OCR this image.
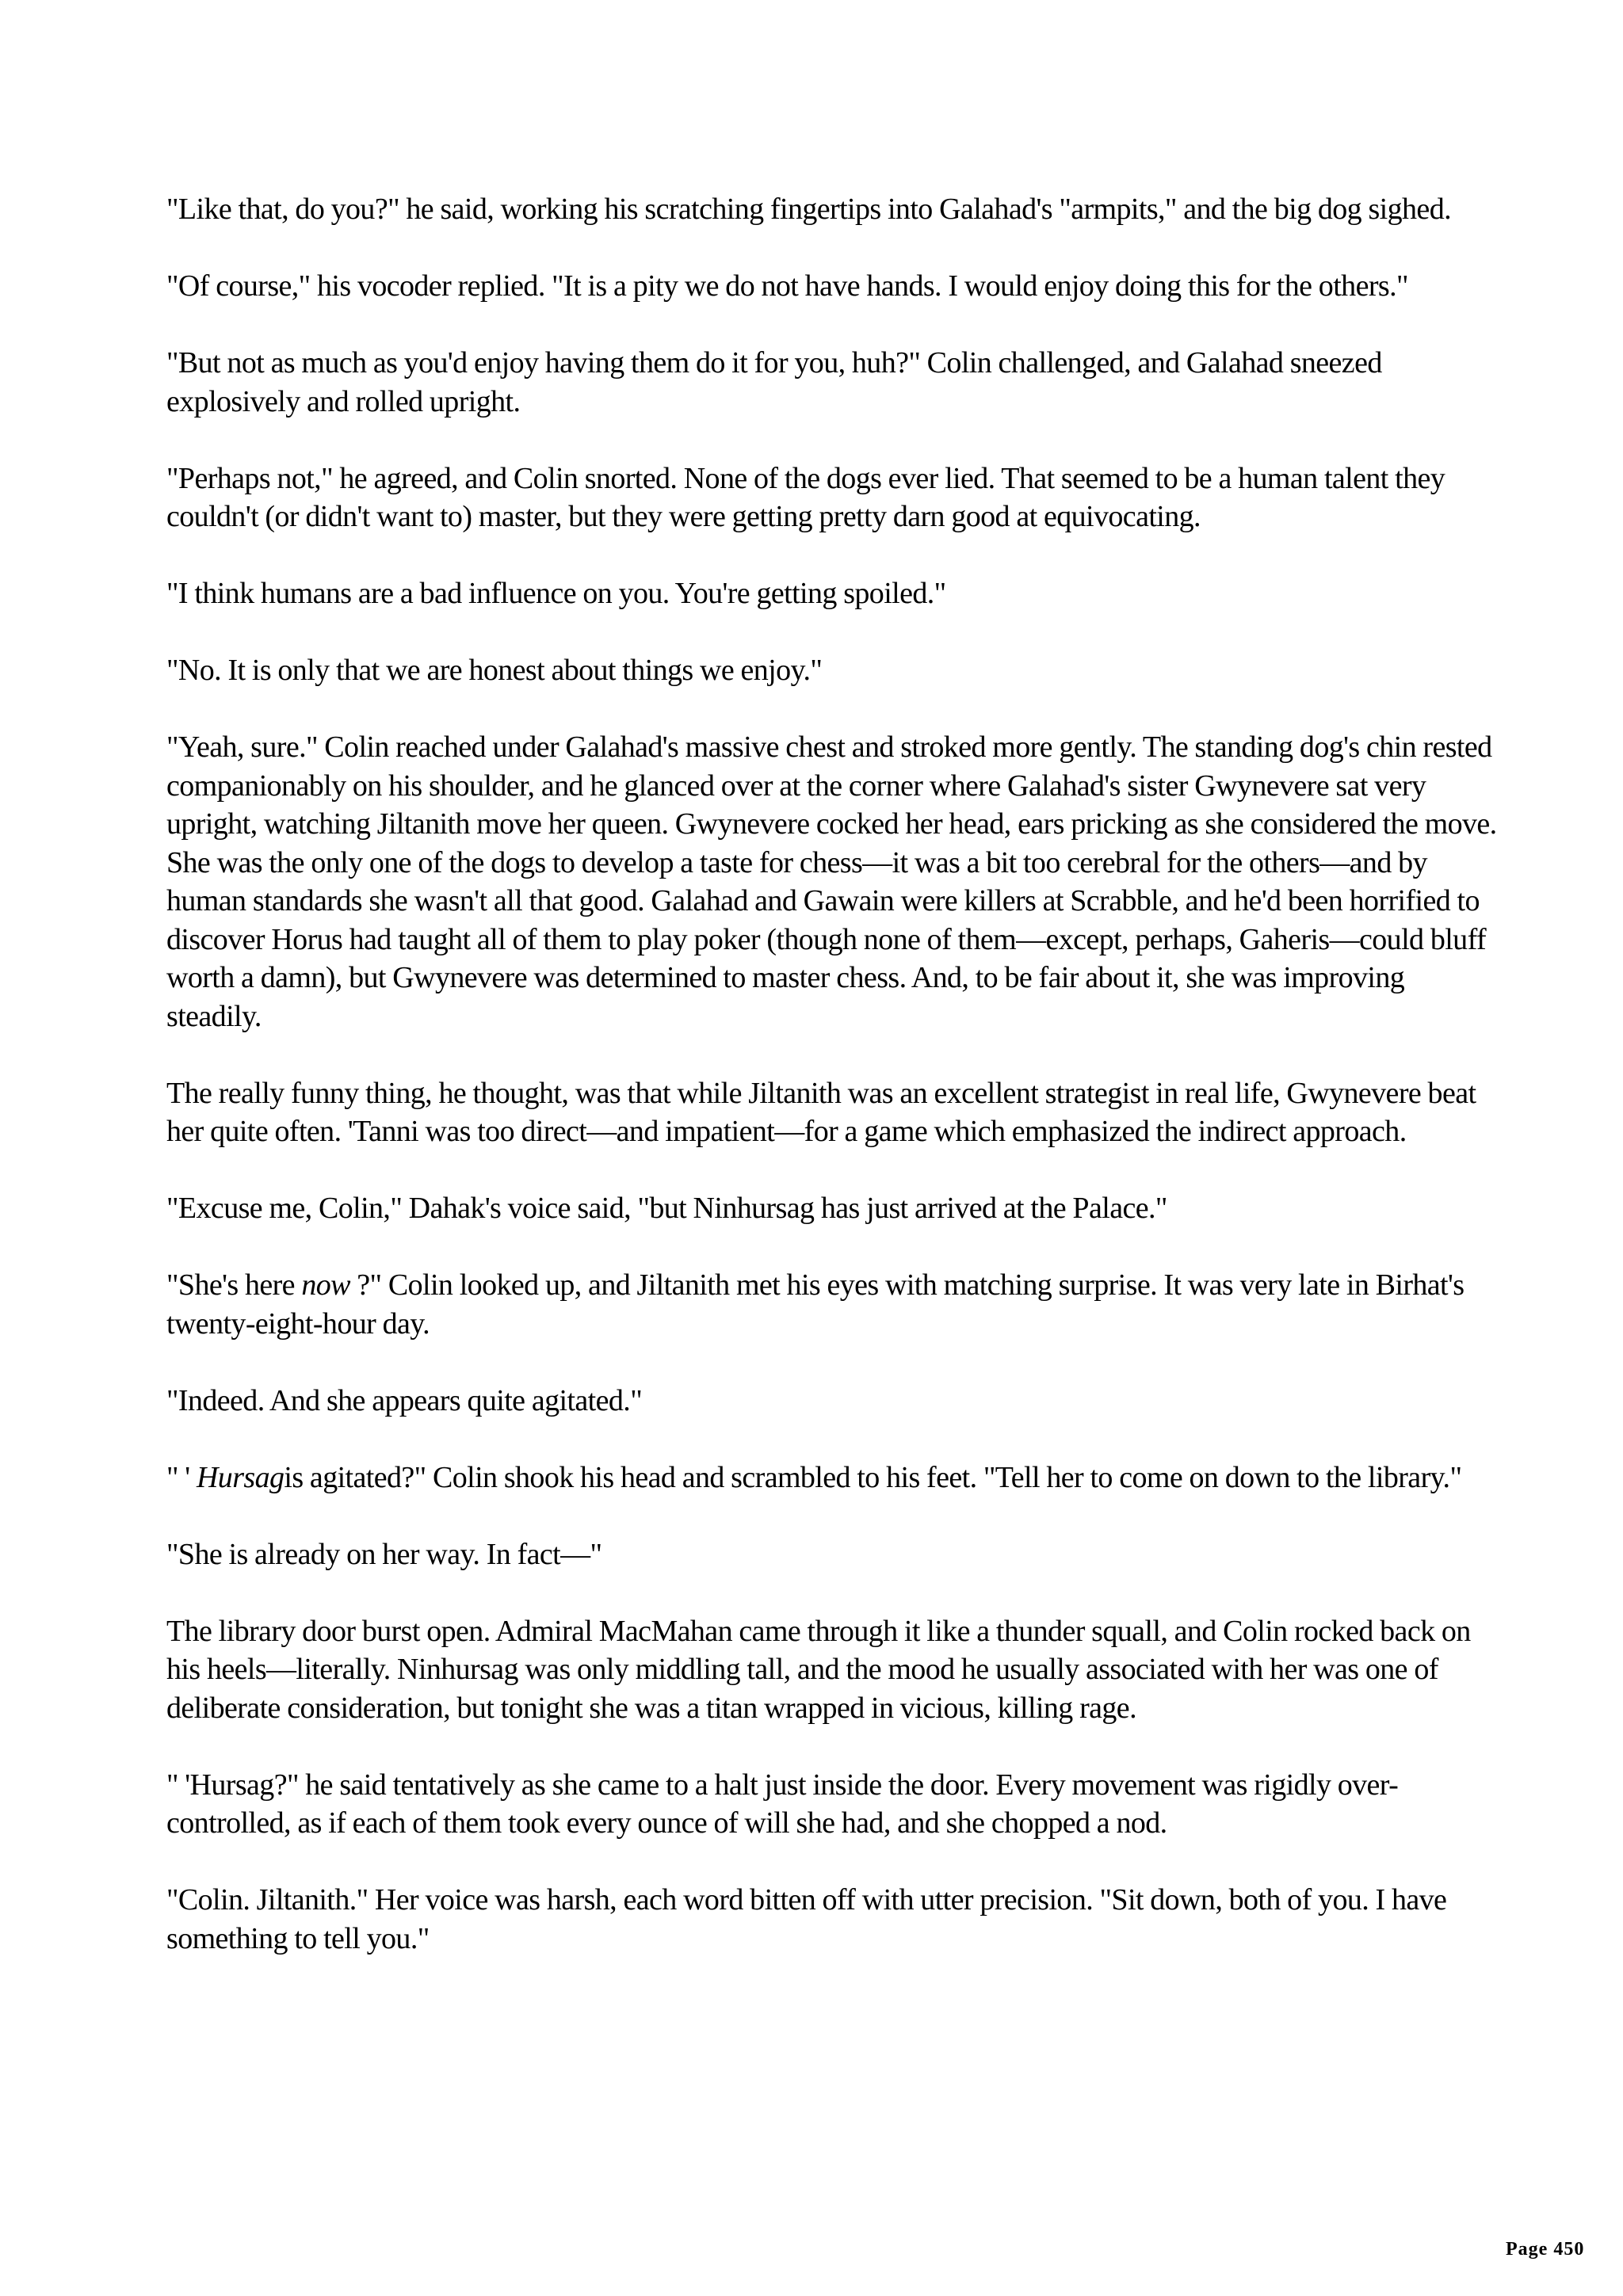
"Like that, do you?" he said, working his scratching fingertips into Galahad's "armpits," and the big dog sighed.

"Of course," his vocoder replied. "It is a pity we do not have hands. I would enjoy doing this for the others."

"But not as much as you'd enjoy having them do it for you, huh?" Colin challenged, and Galahad sneezed explosively and rolled upright.

"Perhaps not," he agreed, and Colin snorted. None of the dogs ever lied. That seemed to be a human talent they couldn't (or didn't want to) master, but they were getting pretty darn good at equivocating.

"I think humans are a bad influence on you. You're getting spoiled."

"No. It is only that we are honest about things we enjoy."

"Yeah, sure." Colin reached under Galahad's massive chest and stroked more gently. The standing dog's chin rested companionably on his shoulder, and he glanced over at the corner where Galahad's sister Gwynevere sat very upright, watching Jiltanith move her queen. Gwynevere cocked her head, ears pricking as she considered the move. She was the only one of the dogs to develop a taste for chess—it was a bit too cerebral for the others—and by human standards she wasn't all that good. Galahad and Gawain were killers at Scrabble, and he'd been horrified to discover Horus had taught all of them to play poker (though none of them—except, perhaps, Gaheris—could bluff worth a damn), but Gwynevere was determined to master chess. And, to be fair about it, she was improving steadily.

The really funny thing, he thought, was that while Jiltanith was an excellent strategist in real life, Gwynevere beat her quite often. 'Tanni was too direct—and impatient—for a game which emphasized the indirect approach.

"Excuse me, Colin," Dahak's voice said, "but Ninhursag has just arrived at the Palace."

"She's here now ?" Colin looked up, and Jiltanith met his eyes with matching surprise. It was very late in Birhat's twenty-eight-hour day.

"Indeed. And she appears quite agitated."

" ' Hursagis agitated?" Colin shook his head and scrambled to his feet. "Tell her to come on down to the library."

"She is already on her way. In fact—"

The library door burst open. Admiral MacMahan came through it like a thunder squall, and Colin rocked back on his heels—literally. Ninhursag was only middling tall, and the mood he usually associated with her was one of deliberate consideration, but tonight she was a titan wrapped in vicious, killing rage.

" 'Hursag?" he said tentatively as she came to a halt just inside the door. Every movement was rigidly over-controlled, as if each of them took every ounce of will she had, and she chopped a nod.

"Colin. Jiltanith." Her voice was harsh, each word bitten off with utter precision. "Sit down, both of you. I have something to tell you."

Page 450
